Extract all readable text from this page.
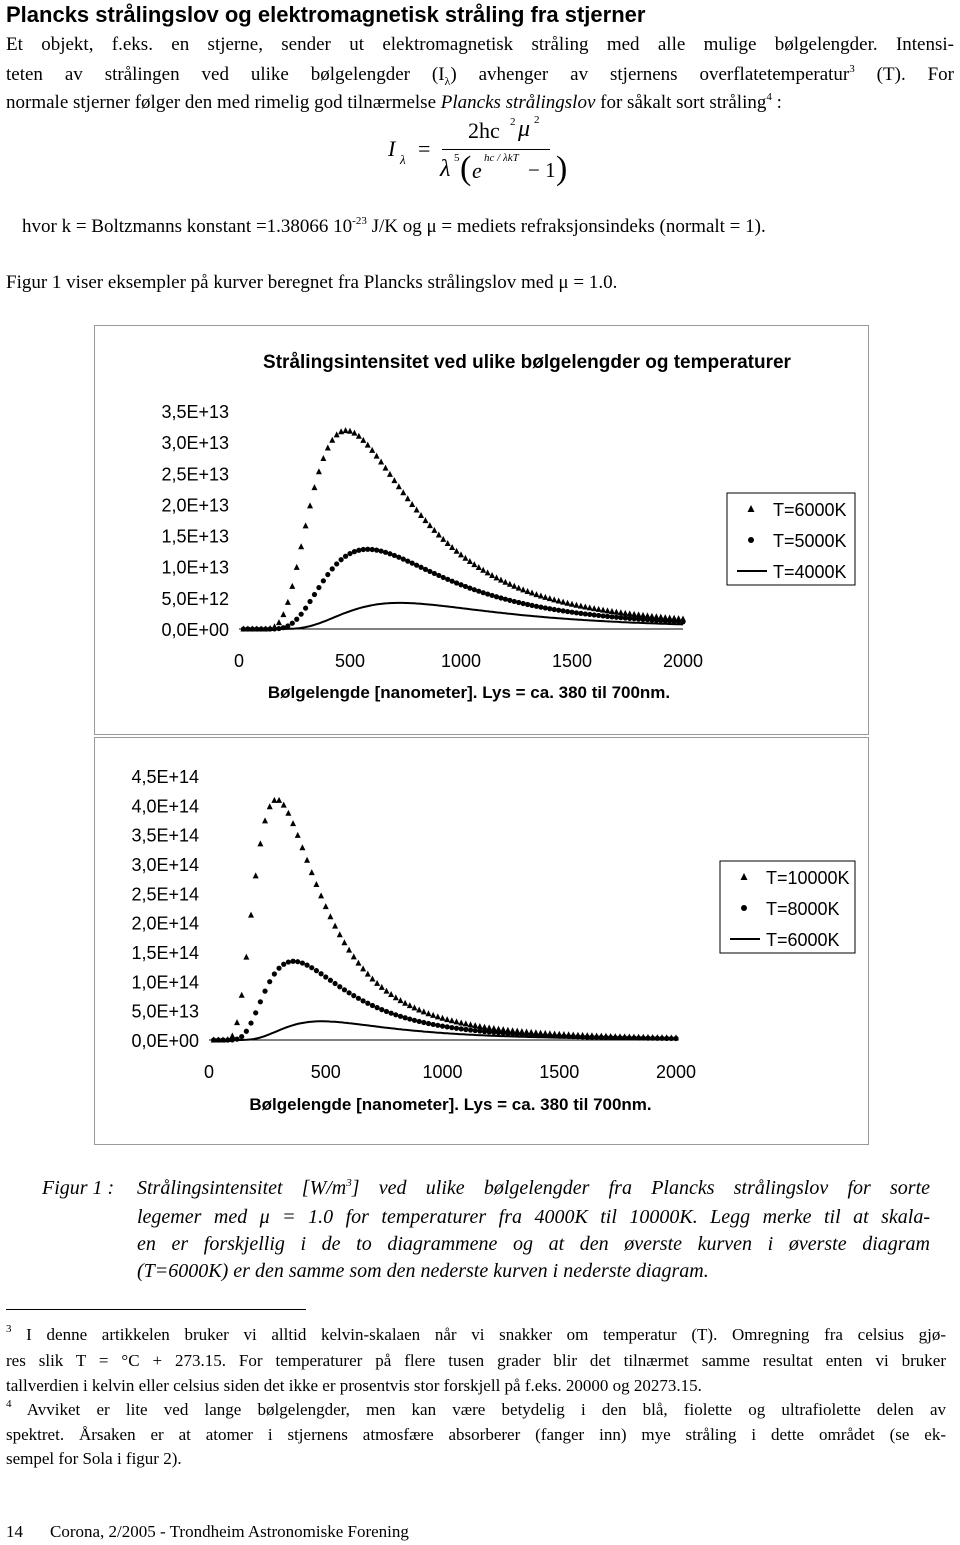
Plancks strålingslov og elektromagnetisk stråling fra stjerner
Et objekt, f.eks. en stjerne, sender ut elektromagnetisk stråling med alle mulige bølgelengder. Intensi-
teten av strålingen ved ulike bølgelengder $(I_\lambda)$ avhenger av stjernens overflatetemperatur$^3$ (T). For
normale stjerner følger den med rimelig god tilnærmelse Plancks strålingslov for såkalt sort stråling$^4$ :
I λ =
2hc 2 μ 2
λ 5 ( e hc / λkT − 1 )
hvor k = Boltzmanns konstant =1.38066 $10^{-23}$ J/K og μ = mediets refraksjonsindeks (normalt = 1).
Figur 1 viser eksempler på kurver beregnet fra Plancks strålingslov med μ = 1.0.
Strålingsintensitet ved ulike bølgelengder og temperaturer
0,0E+00
5,0E+12
1,0E+13
1,5E+13
2,0E+13
2,5E+13
3,0E+13
3,5E+13
0	500	1000	1500	2000
Bølgelengde [nanometer]. Lys = ca. 380 til 700nm.
T=6000K
T=5000K
T=4000K
0,0E+00
5,0E+13
1,0E+14
1,5E+14
2,0E+14
2,5E+14
3,0E+14
3,5E+14
4,0E+14
4,5E+14
0	500	1000	1500	2000
Bølgelengde [nanometer]. Lys = ca. 380 til 700nm.
T=10000K
T=8000K
T=6000K
Figur 1 : Strålingsintensitet $[W/m^3]$ ved ulike bølgelengder fra Plancks strålingslov for sorte
legemer med μ = 1.0 for temperaturer fra 4000K til 10000K. Legg merke til at skala-
en er forskjellig i de to diagrammene og at den øverste kurven i øverste diagram
(T=6000K) er den samme som den nederste kurven i nederste diagram.
$^3$ I denne artikkelen bruker vi alltid kelvin-skalaen når vi snakker om temperatur (T). Omregning fra celsius gjø-
res slik T = °C + 273.15. For temperaturer på flere tusen grader blir det tilnærmet samme resultat enten vi bruker
tallverdien i kelvin eller celsius siden det ikke er prosentvis stor forskjell på f.eks. 20000 og 20273.15.
$^4$ Avviket er lite ved lange bølgelengder, men kan være betydelig i den blå, fiolette og ultrafiolette delen av
spektret. Årsaken er at atomer i stjernens atmosfære absorberer (fanger inn) mye stråling i dette området (se ek-
sempel for Sola i figur 2).
14 Corona, 2/2005 - Trondheim Astronomiske Forening
